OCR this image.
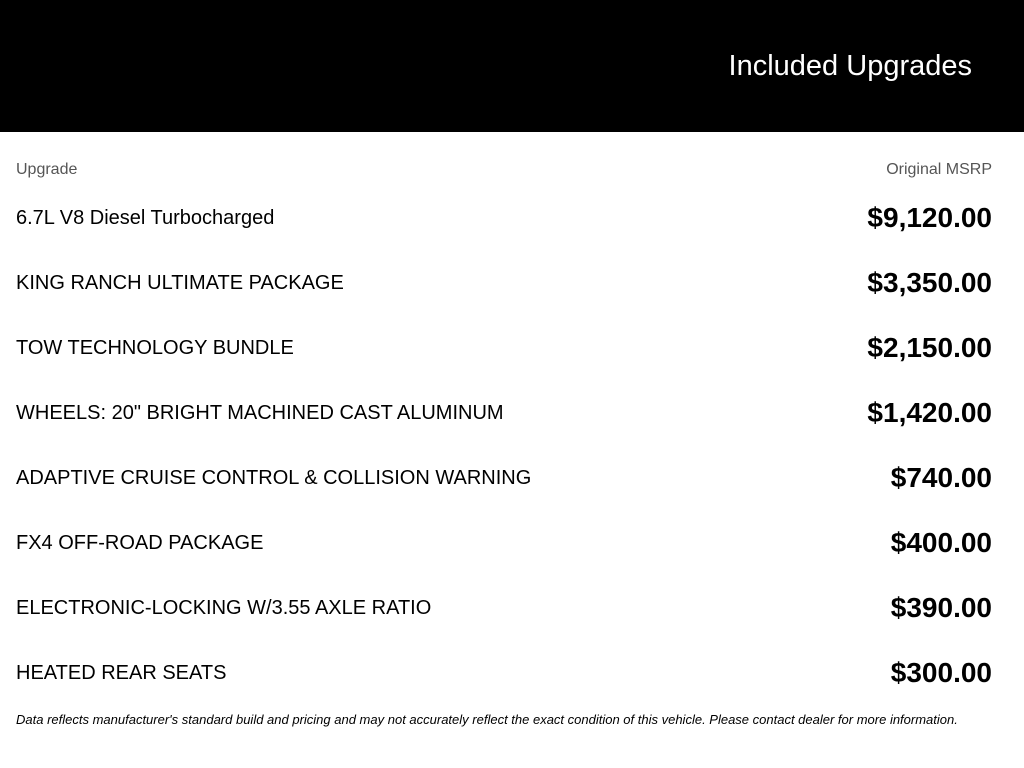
Included Upgrades
Upgrade	Original MSRP
6.7L V8 Diesel Turbocharged	$9,120.00
KING RANCH ULTIMATE PACKAGE	$3,350.00
TOW TECHNOLOGY BUNDLE	$2,150.00
WHEELS: 20" BRIGHT MACHINED CAST ALUMINUM	$1,420.00
ADAPTIVE CRUISE CONTROL & COLLISION WARNING	$740.00
FX4 OFF-ROAD PACKAGE	$400.00
ELECTRONIC-LOCKING W/3.55 AXLE RATIO	$390.00
HEATED REAR SEATS	$300.00
Data reflects manufacturer's standard build and pricing and may not accurately reflect the exact condition of this vehicle. Please contact dealer for more information.
